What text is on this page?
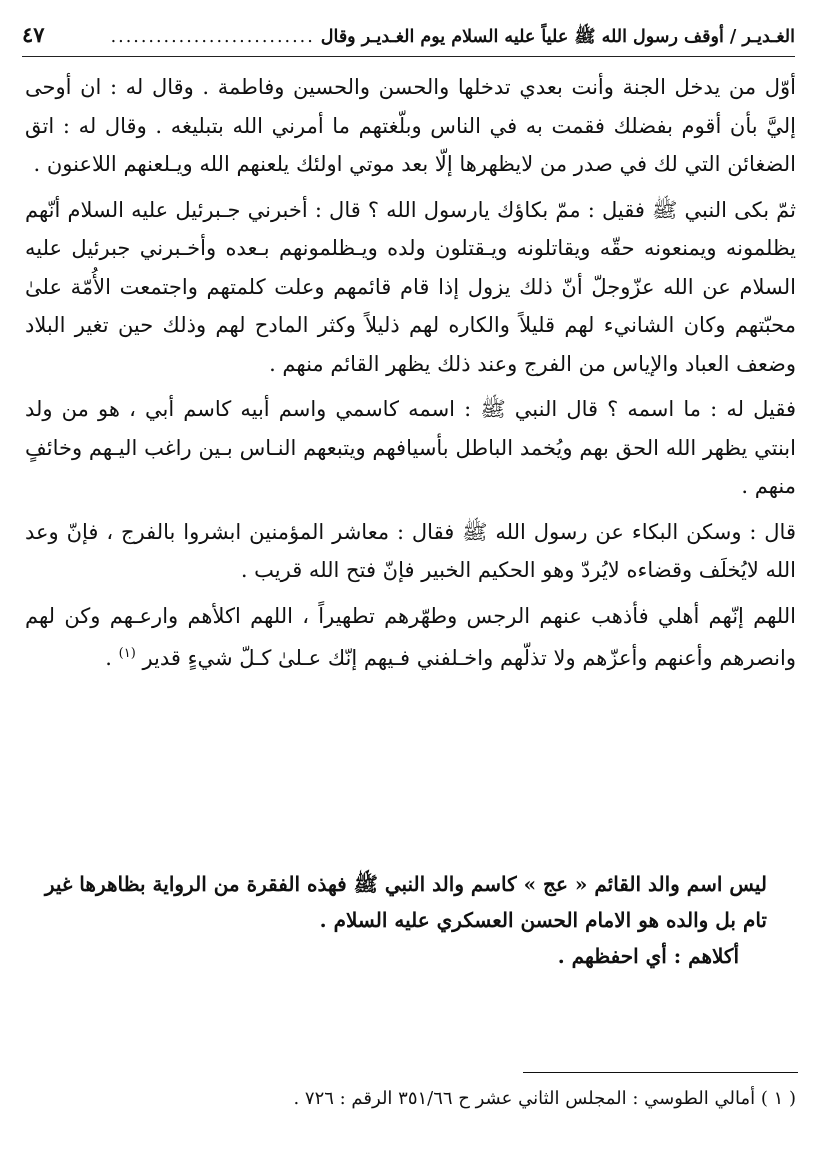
الغـديـر / أوقف رسول الله ﷺ علياً عليه السلام يوم الغـديـر وقال
...........................
٤٧

أوّل من يدخل الجنة وأنت بعدي تدخلها والحسن والحسين وفاطمة . وقال له : ان أوحى إليَّ بأن أقوم بفضلك فقمت به في الناس وبلّغتهم ما أمرني الله بتبليغه . وقال له : اتق الضغائن التي لك في صدر من لايظهرها إلّا بعد موتي اولئك يلعنهم الله ويـلعنهم اللاعنون .

ثمّ بكى النبي ﷺ فقيل : ممّ بكاؤك يارسول الله ؟ قال : أخبرني جـبرئيل عليه السلام أنّهم يظلمونه ويمنعونه حقّه ويقاتلونه ويـقتلون ولده ويـظلمونهم بـعده وأخـبرني جبرئيل عليه السلام عن الله عزّوجلّ أنّ ذلك يزول إذا قام قائمهم وعلت كلمتهم واجتمعت الأُمّة علىٰ محبّتهم وكان الشانيء لهم قليلاً والكاره لهم ذليلاً وكثر المادح لهم وذلك حين تغير البلاد وضعف العباد والإياس من الفرج وعند ذلك يظهر القائم منهم .

فقيل له : ما اسمه ؟ قال النبي ﷺ : اسمه كاسمي واسم أبيه كاسم أبي ، هو من ولد ابنتي يظهر الله الحق بهم ويُخمد الباطل بأسيافهم ويتبعهم النـاس بـين راغب اليـهم وخائفٍ منهم .

قال : وسكن البكاء عن رسول الله ﷺ فقال : معاشر المؤمنين ابشروا بالفرج ، فإنّ وعد الله لايُخلَف وقضاءه لايُردّ وهو الحكيم الخبير فإنّ فتح الله قريب .

اللهم إنّهم أهلي فأذهب عنهم الرجس وطهّرهم تطهيراً ، اللهم اكلأهم وارعـهم وكن لهم وانصرهم وأعنهم وأعزّهم ولا تذلّهم واخـلفني فـيهم إنّك عـلىٰ كـلّ شيءٍ قدير $^{(١)}$ .

ليس اسم والد القائم « عج » كاسم والد النبي ﷺ فهذه الفقرة من الرواية بظاهرها غير تام بل والده هو الامام الحسن العسكري عليه السلام .

أكلاهم : أي احفظهم .

( ١ ) أمالي الطوسي : المجلس الثاني عشر ح ٣٥١/٦٦ الرقم : ٧٢٦ .
